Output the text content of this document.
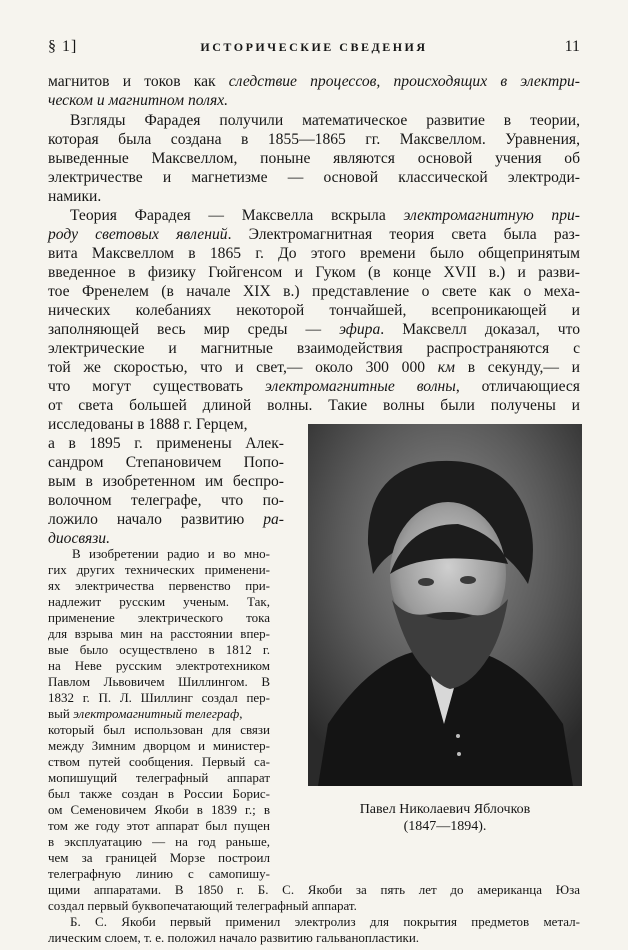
§ 1]	ИСТОРИЧЕСКИЕ СВЕДЕНИЯ	11
магнитов и токов как следствие процессов, происходящих в электри-
ческом и магнитном полях.
Взгляды Фарадея получили математическое развитие в теории,
которая была создана в 1855—1865 гг. Максвеллом. Уравнения,
выведенные Максвеллом, поныне являются основой учения об
электричестве и магнетизме — основой классической электроди-
намики.
Теория Фарадея — Максвелла вскрыла электромагнитную при-
роду световых явлений. Электромагнитная теория света была раз-
вита Максвеллом в 1865 г. До этого времени было общепринятым
введенное в физику Гюйгенсом и Гуком (в конце XVII в.) и разви-
тое Френелем (в начале XIX в.) представление о свете как о меха-
нических колебаниях некоторой тончайшей, всепроникающей и
заполняющей весь мир среды — эфира. Максвелл доказал, что
электрические и магнитные взаимодействия распространяются с
той же скоростью, что и свет,— около 300 000 км в секунду,— и
что могут существовать электромагнитные волны, отличающиеся
от света большей длиной волны. Такие волны были получены и
исследованы в 1888 г. Герцем,
а в 1895 г. применены Алек-
сандром Степановичем Попо-
вым в изобретенном им беспро-
волочном телеграфе, что по-
ложило начало развитию ра-
диосвязи.
В изобретении радио и во мно-
гих других технических применени-
ях электричества первенство при-
надлежит русским ученым. Так,
применение электрического тока
для взрыва мин на расстоянии впер-
вые было осуществлено в 1812 г.
на Неве русским электротехником
Павлом Львовичем Шиллингом. В
1832 г. П. Л. Шиллинг создал пер-
вый электромагнитный телеграф,
который был использован для связи
между Зимним дворцом и министер-
ством путей сообщения. Первый са-
мопишущий телеграфный аппарат
был также создан в России Борис-
ом Семеновичем Якоби в 1839 г.; в
том же году этот аппарат был пущен
в эксплуатацию — на год раньше,
чем за границей Морзе построил
телеграфную линию с самопишу-
щими аппаратами. В 1850 г. Б. С. Якоби за пять лет до американца Юза
создал первый буквопечатающий телеграфный аппарат.
Б. С. Якоби первый применил электролиз для покрытия предметов метал-
лическим слоем, т. е. положил начало развитию гальванопластики.
Павел Николаевич Яблочков
(1847—1894).
